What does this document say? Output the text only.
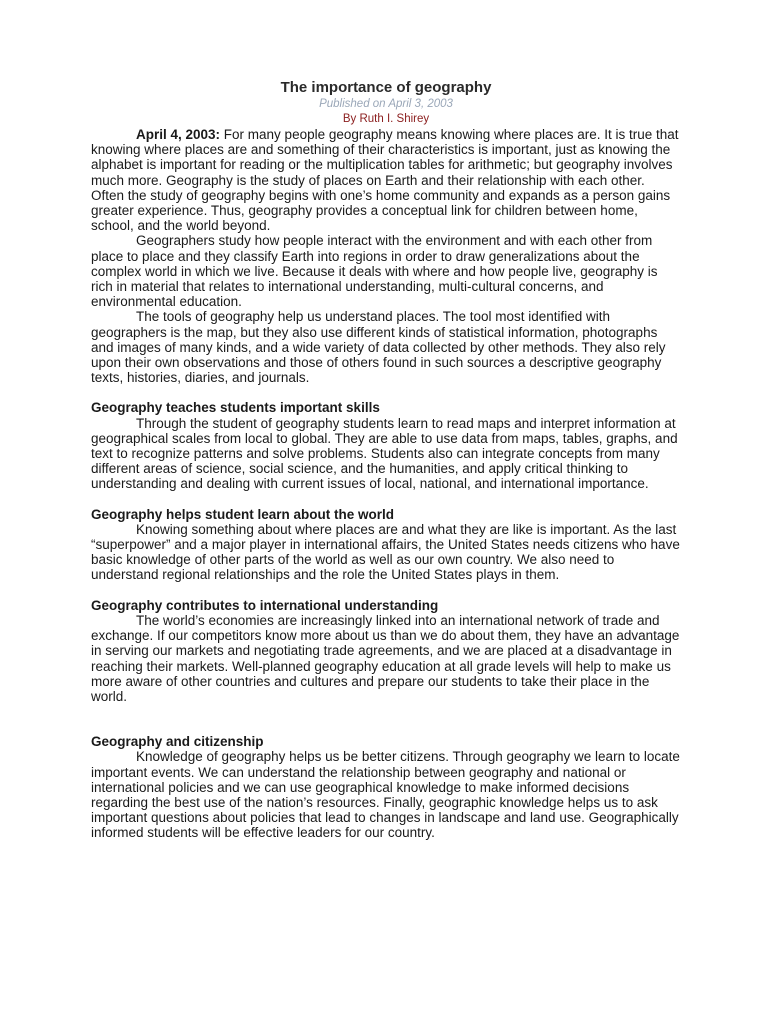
The importance of geography

Published on April 3, 2003

By Ruth I. Shirey

April 4, 2003: For many people geography means knowing where places are. It is true that knowing where places are and something of their characteristics is important, just as knowing the alphabet is important for reading or the multiplication tables for arithmetic; but geography involves much more. Geography is the study of places on Earth and their relationship with each other. Often the study of geography begins with one’s home community and expands as a person gains greater experience. Thus, geography provides a conceptual link for children between home, school, and the world beyond.

Geographers study how people interact with the environment and with each other from place to place and they classify Earth into regions in order to draw generalizations about the complex world in which we live. Because it deals with where and how people live, geography is rich in material that relates to international understanding, multi-cultural concerns, and environmental education.

The tools of geography help us understand places. The tool most identified with geographers is the map, but they also use different kinds of statistical information, photographs and images of many kinds, and a wide variety of data collected by other methods. They also rely upon their own observations and those of others found in such sources a descriptive geography texts, histories, diaries, and journals.

Geography teaches students important skills

Through the student of geography students learn to read maps and interpret information at geographical scales from local to global. They are able to use data from maps, tables, graphs, and text to recognize patterns and solve problems. Students also can integrate concepts from many different areas of science, social science, and the humanities, and apply critical thinking to understanding and dealing with current issues of local, national, and international importance.

Geography helps student learn about the world

Knowing something about where places are and what they are like is important. As the last “superpower” and a major player in international affairs, the United States needs citizens who have basic knowledge of other parts of the world as well as our own country. We also need to understand regional relationships and the role the United States plays in them.

Geography contributes to international understanding

The world’s economies are increasingly linked into an international network of trade and exchange. If our competitors know more about us than we do about them, they have an advantage in serving our markets and negotiating trade agreements, and we are placed at a disadvantage in reaching their markets. Well-planned geography education at all grade levels will help to make us more aware of other countries and cultures and prepare our students to take their place in the world.

Geography and citizenship

Knowledge of geography helps us be better citizens. Through geography we learn to locate important events. We can understand the relationship between geography and national or international policies and we can use geographical knowledge to make informed decisions regarding the best use of the nation’s resources. Finally, geographic knowledge helps us to ask important questions about policies that lead to changes in landscape and land use. Geographically informed students will be effective leaders for our country.
